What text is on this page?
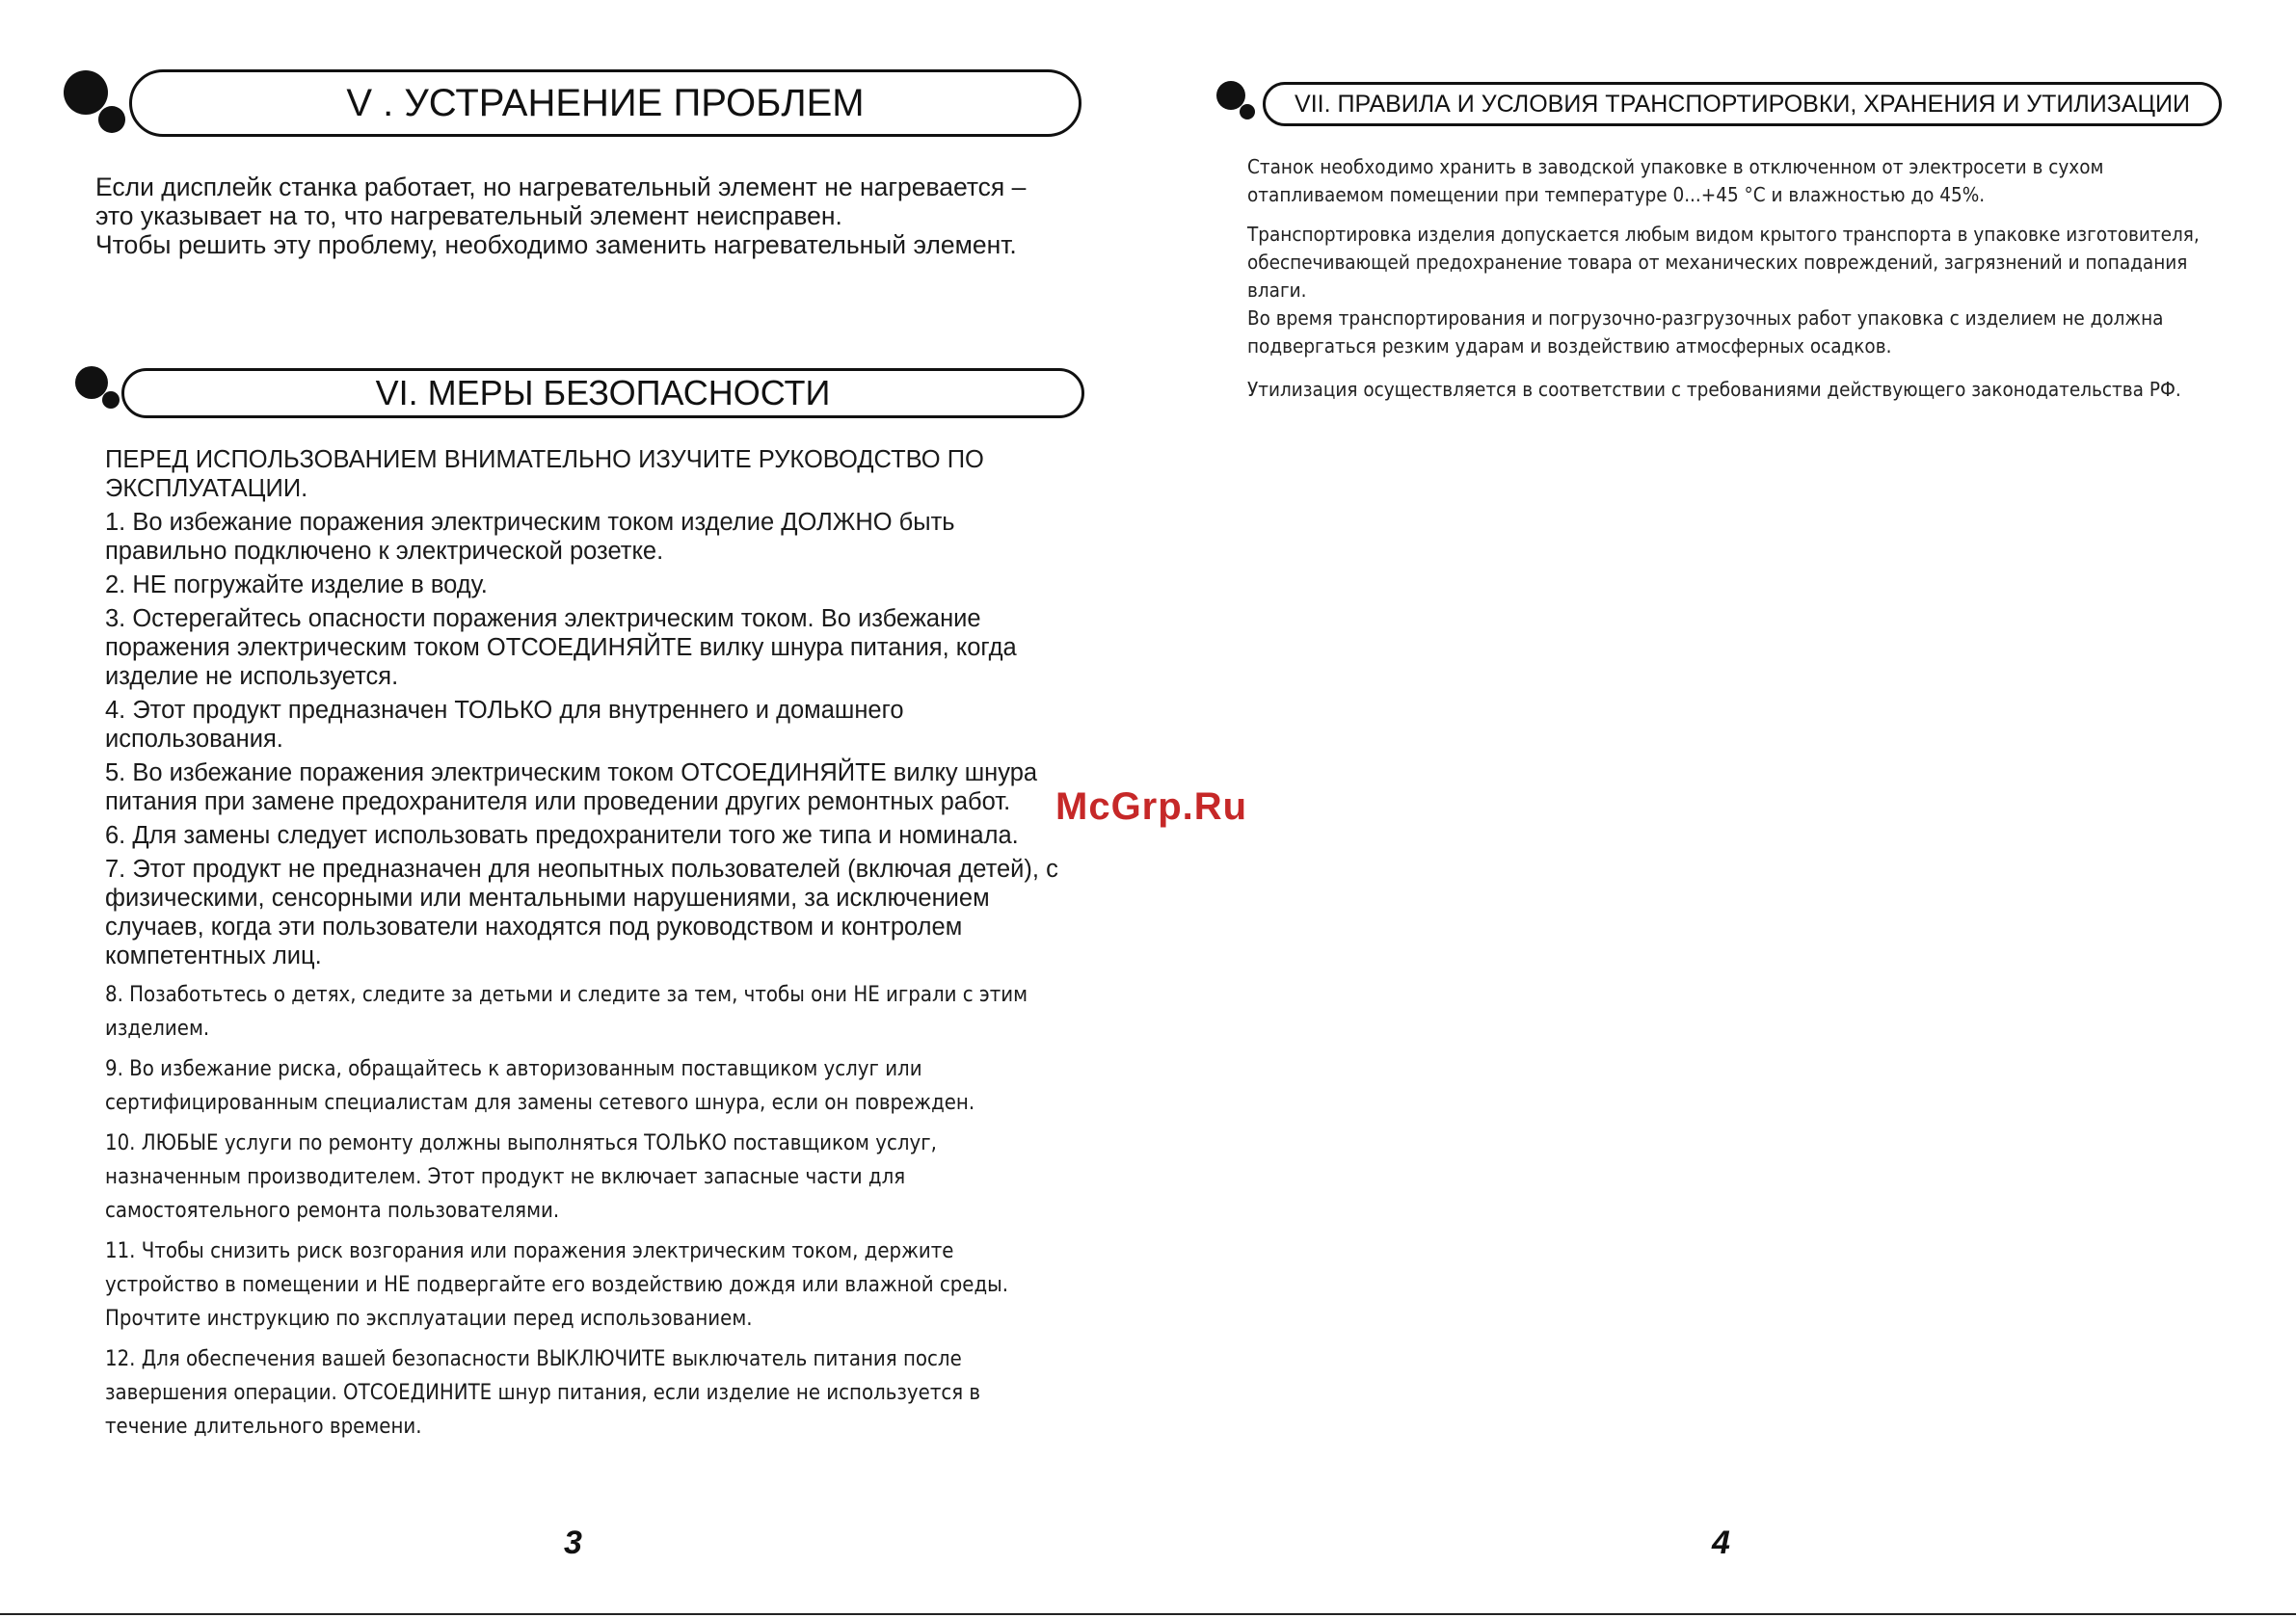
V . УСТРАНЕНИЕ ПРОБЛЕМ
Если дисплейк станка работает, но нагревательный элемент не нагревается –
это указывает на то, что нагревательный элемент неисправен.
Чтобы решить эту проблему, необходимо заменить нагревательный элемент.
VI. МЕРЫ БЕЗОПАСНОСТИ
ПЕРЕД ИСПОЛЬЗОВАНИЕМ ВНИМАТЕЛЬНО ИЗУЧИТЕ РУКОВОДСТВО ПО
ЭКСПЛУАТАЦИИ.
1. Во избежание поражения электрическим током изделие ДОЛЖНО быть
правильно подключено к электрической розетке.
2. НЕ погружайте изделие в воду.
3. Остерегайтесь опасности поражения электрическим током. Во избежание
поражения электрическим током ОТСОЕДИНЯЙТЕ вилку шнура питания, когда
изделие не используется.
4. Этот продукт предназначен ТОЛЬКО для внутреннего и домашнего
использования.
5. Во избежание поражения электрическим током ОТСОЕДИНЯЙТЕ вилку шнура
питания при замене предохранителя или проведении других ремонтных работ.
6. Для замены следует использовать предохранители того же типа и номинала.
7. Этот продукт не предназначен для неопытных пользователей (включая детей), с
физическими, сенсорными или ментальными нарушениями, за исключением
случаев, когда эти пользователи находятся под руководством и контролем
компетентных лиц.
8. Позаботьтесь о детях, следите за детьми и следите за тем, чтобы они НЕ играли с этим
изделием.
9. Во избежание риска, обращайтесь к авторизованным поставщиком услуг или
сертифицированным специалистам для замены сетевого шнура, если он поврежден.
10. ЛЮБЫЕ услуги по ремонту должны выполняться ТОЛЬКО поставщиком услуг,
назначенным производителем. Этот продукт не включает запасные части для
самостоятельного ремонта пользователями.
11. Чтобы снизить риск возгорания или поражения электрическим током, держите
устройство в помещении и НЕ подвергайте его воздействию дождя или влажной среды.
Прочтите инструкцию по эксплуатации перед использованием.
12. Для обеспечения вашей безопасности ВЫКЛЮЧИТЕ выключатель питания после
завершения операции. ОТСОЕДИНИТЕ шнур питания, если изделие не используется в
течение длительного времени.
VII. ПРАВИЛА И УСЛОВИЯ ТРАНСПОРТИРОВКИ, ХРАНЕНИЯ И УТИЛИЗАЦИИ
Станок необходимо хранить в заводской упаковке в отключенном от электросети в сухом
отапливаемом помещении при температуре 0...+45 °С и влажностью до 45%.
Транспортировка изделия допускается любым видом крытого транспорта в упаковке изготовителя,
обеспечивающей предохранение товара от механических повреждений, загрязнений и попадания
влаги.
Во время транспортирования и погрузочно-разгрузочных работ упаковка с изделием не должна
подвергаться резким ударам и воздействию атмосферных осадков.
Утилизация осуществляется в соответствии с требованиями действующего законодательства РФ.
McGrp.Ru
3	4
